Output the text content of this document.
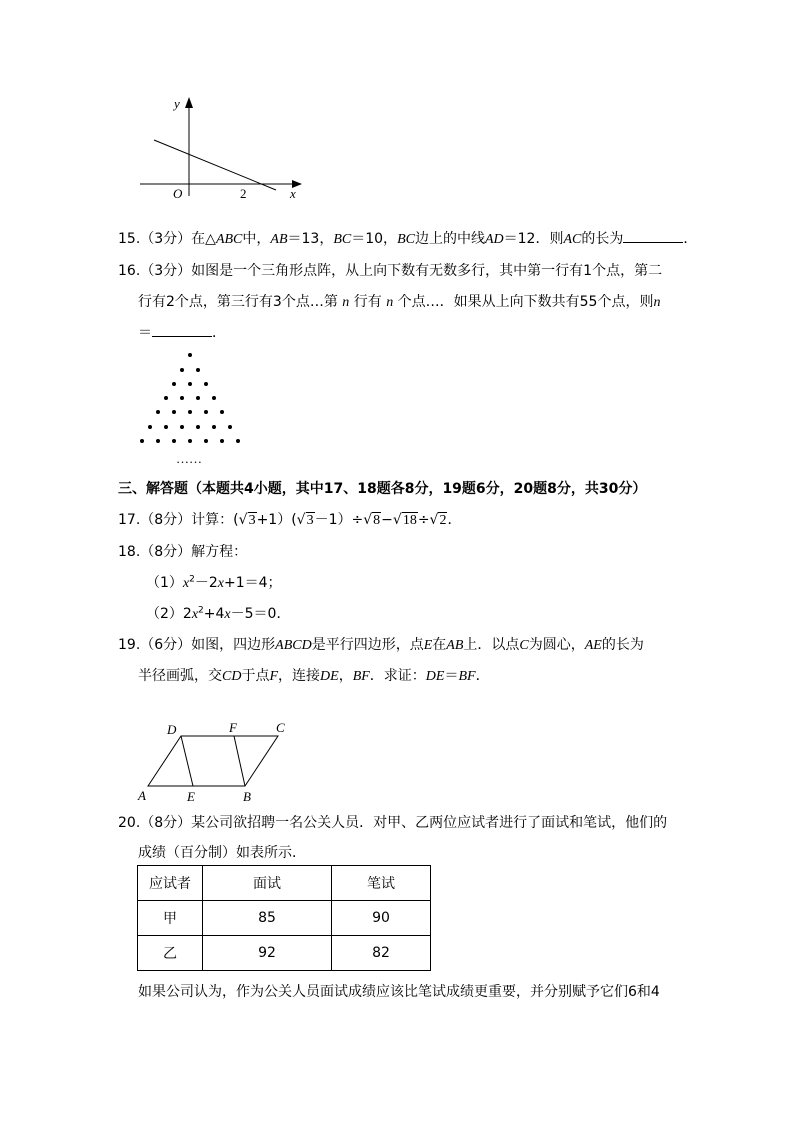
y
x
O	2
15.（3分）在△ABC中，AB＝13，BC＝10，BC边上的中线AD＝12．则AC的长为	．
16.（3分）如图是一个三角形点阵，从上向下数有无数多行，其中第一行有1个点，第二
行有2个点，第三行有3个点…第 n 行有 n 个点…．如果从上向下数共有55个点，则n
＝	．
……
三、解答题（本题共4小题，其中17、18题各8分，19题6分，20题8分，共30分）
17.（8分）计算：(√3+1）(√3－1）÷√8−√18÷√2．
18.（8分）解方程：
$(1)x^2-2x+1=4$；
$(2)2x^2+4x-5=0$．
19.（6分）如图，四边形ABCD是平行四边形，点E在AB上．以点C为圆心，AE的长为
半径画弧，交CD于点F，连接DE，BF．求证：DE＝BF．
D	F	C
A	E	B
20.（8分）某公司欲招聘一名公关人员．对甲、乙两位应试者进行了面试和笔试，他们的
成绩（百分制）如表所示．
应试者	面试	笔试
甲	85	90
乙	92	82
如果公司认为，作为公关人员面试成绩应该比笔试成绩更重要，并分别赋予它们6和4
